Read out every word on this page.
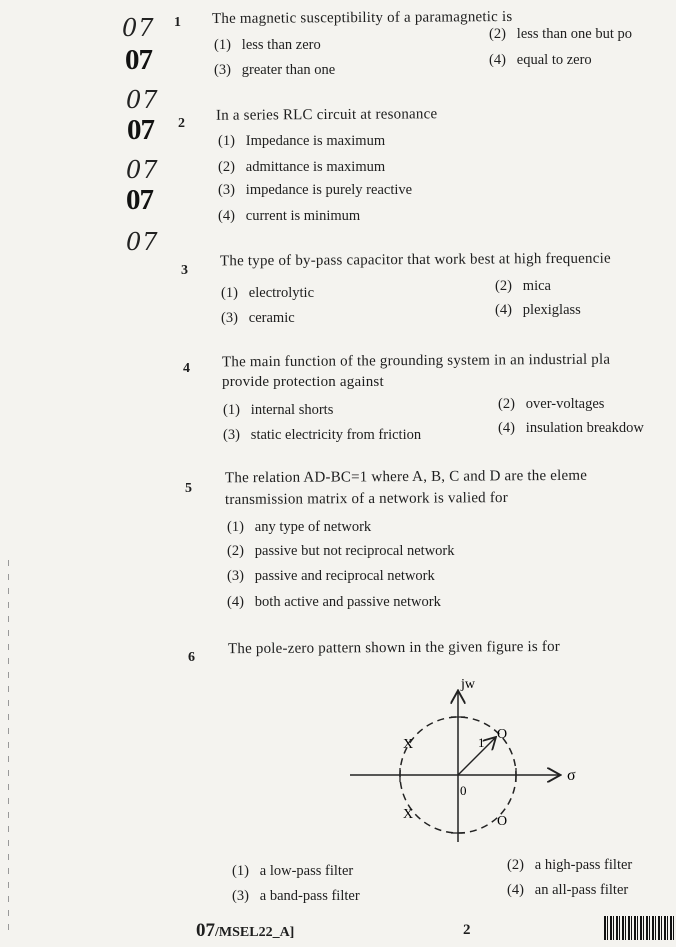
07
07
07
07
07
07
07
1 The magnetic susceptibility of a paramagnetic is
(1) less than zero
(2) less than one but po
(3) greater than one
(4) equal to zero
2 In a series RLC circuit at resonance
(1) Impedance is maximum
(2) admittance is maximum
(3) impedance is purely reactive
(4) current is minimum
3
The type of by-pass capacitor that work best at high frequencie
(1) electrolytic	(2) mica
(3) ceramic	(4) plexiglass
4 The main function of the grounding system in an industrial pla
provide protection against
(1) internal shorts	(2) over-voltages
(3) static electricity from friction	(4) insulation breakdow
5
The relation AD-BC=1 where A, B, C and D are the eleme
transmission matrix of a network is valied for
(1) any type of network
(2) passive but not reciprocal network
(3) passive and reciprocal network
(4) both active and passive network
6
The pole-zero pattern shown in the given figure is for
jw
σ
0
1
X
X
O
O
(1) a low-pass filter	(2) a high-pass filter
(3) a band-pass filter	(4) an all-pass filter
07/MSEL22_A]	2
